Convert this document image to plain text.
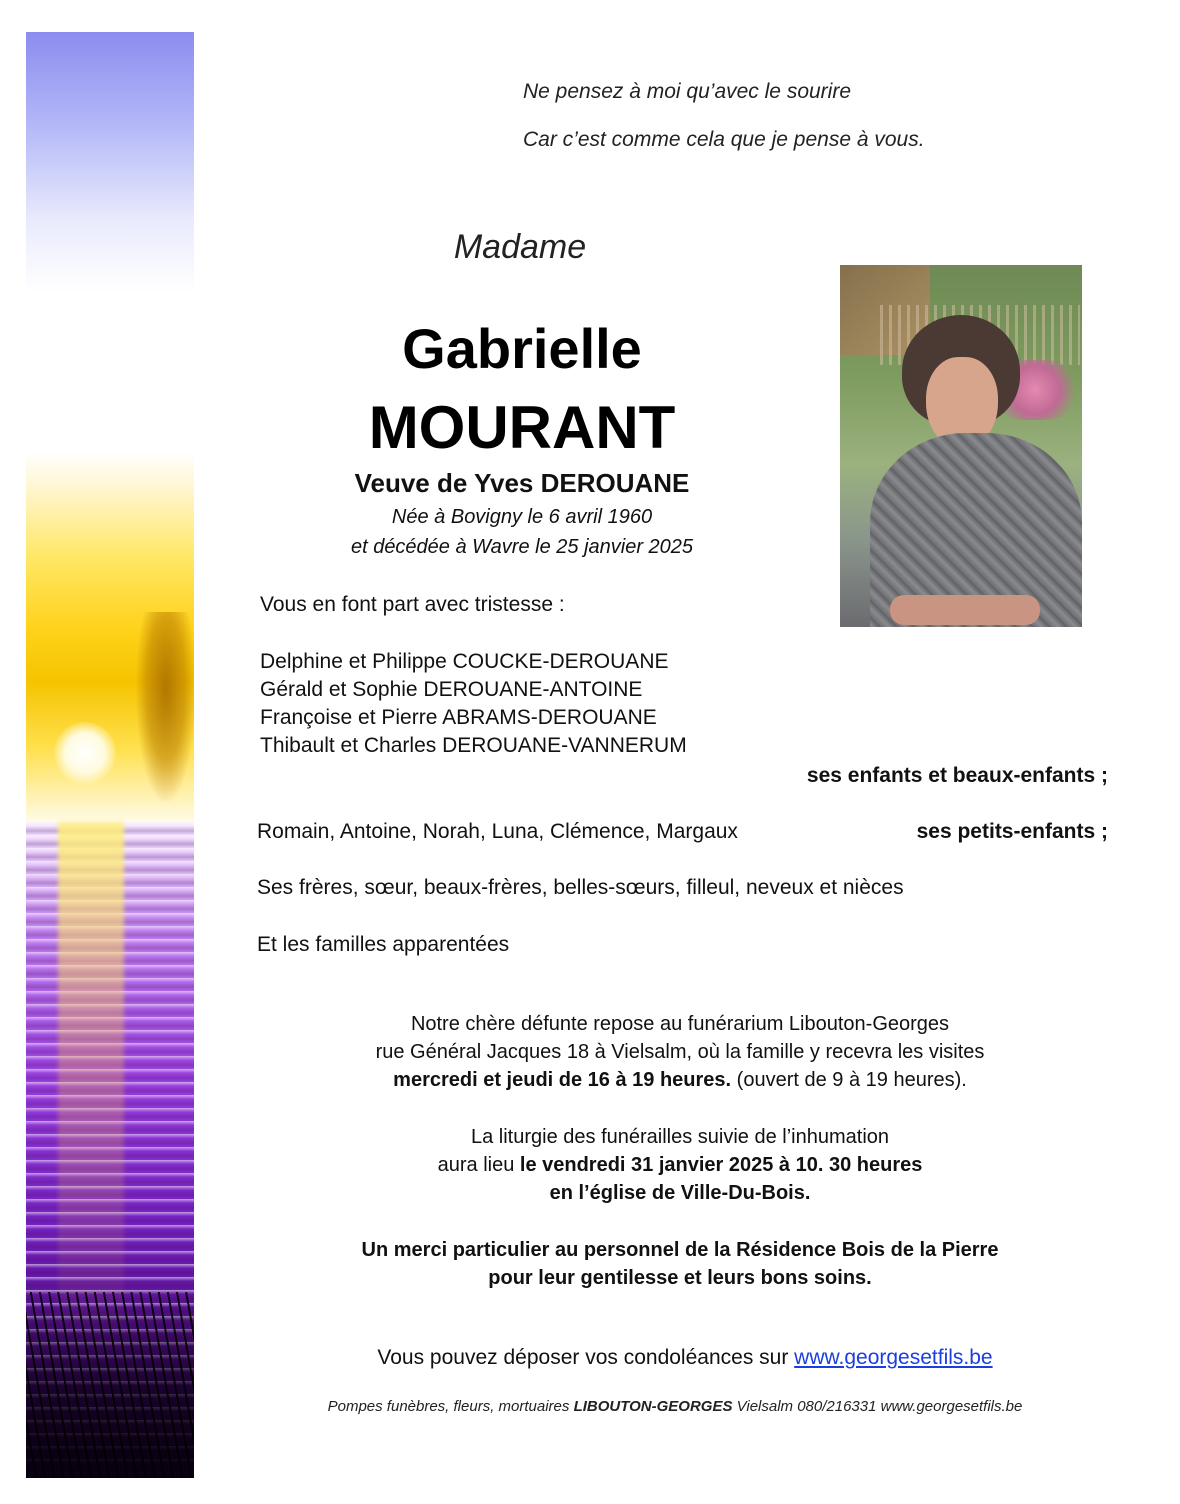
Ne pensez à moi qu’avec le sourire
Car c’est comme cela que je pense à vous.
Madame
Gabrielle
MOURANT
Veuve de Yves DEROUANE
Née à Bovigny le 6 avril 1960
et décédée à Wavre le 25 janvier 2025
Vous en font part avec tristesse :
Delphine et Philippe COUCKE-DEROUANE
Gérald et Sophie DEROUANE-ANTOINE
Françoise et Pierre ABRAMS-DEROUANE
Thibault et Charles DEROUANE-VANNERUM
ses enfants et beaux-enfants ;
Romain, Antoine, Norah, Luna, Clémence, Margaux	ses petits-enfants ;
Ses frères, sœur, beaux-frères, belles-sœurs, filleul, neveux et nièces
Et les familles apparentées
Notre chère défunte repose au funérarium Libouton-Georges
rue Général Jacques 18 à Vielsalm, où la famille y recevra les visites
mercredi et jeudi de 16 à 19 heures. (ouvert de 9 à 19 heures).
La liturgie des funérailles suivie de l’inhumation
aura lieu le vendredi 31 janvier 2025 à 10. 30 heures
en l’église de Ville-Du-Bois.
Un merci particulier au personnel de la Résidence Bois de la Pierre
pour leur gentilesse et leurs bons soins.
Vous pouvez déposer vos condoléances sur www.georgesetfils.be
Pompes funèbres, fleurs, mortuaires LIBOUTON-GEORGES Vielsalm 080/216331 www.georgesetfils.be
